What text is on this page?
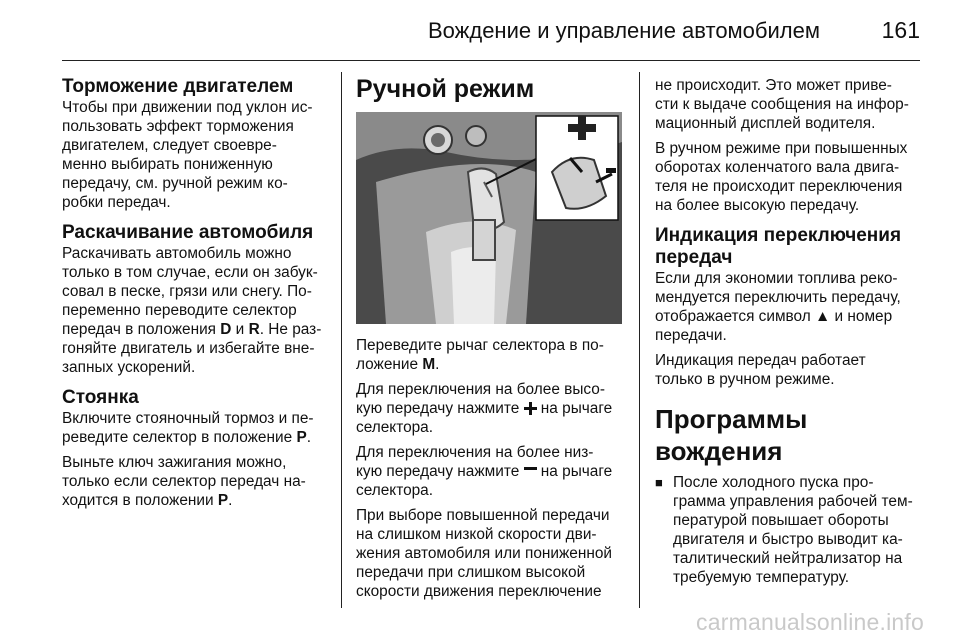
Вождение и управление автомобилем	161
Торможение двигателем

Чтобы при движении под уклон ис-
пользовать эффект торможения
двигателем, следует своевре-
менно выбирать пониженную
передачу, см. ручной режим ко-
робки передач.

Раскачивание автомобиля

Раскачивать автомобиль можно
только в том случае, если он забук-
совал в песке, грязи или снегу. По-
переменно переводите селектор
передач в положения D и R. Не раз-
гоняйте двигатель и избегайте вне-
запных ускорений.

Стоянка

Включите стояночный тормоз и пе-
реведите селектор в положение P.

Выньте ключ зажигания можно,
только если селектор передач на-
ходится в положении P.

Ручной режим

Переведите рычаг селектора в по-
ложение M.

Для переключения на более высо-
кую передачу нажмите  на рычаге
селектора.

Для переключения на более низ-
кую передачу нажмите  на рычаге
селектора.

При выборе повышенной передачи
на слишком низкой скорости дви-
жения автомобиля или пониженной
передачи при слишком высокой
скорости движения переключение

не происходит. Это может приве-
сти к выдаче сообщения на инфор-
мационный дисплей водителя.

В ручном режиме при повышенных
оборотах коленчатого вала двига-
теля не происходит переключения
на более высокую передачу.

Индикация переключения
передач

Если для экономии топлива реко-
мендуется переключить передачу,
отображается символ ▲ и номер
передачи.

Индикация передач работает
только в ручном режиме.

Программы вождения
■ После холодного пуска про-
грамма управления рабочей тем-
пературой повышает обороты
двигателя и быстро выводит ка-
талитический нейтрализатор на
требуемую температуру.
carmanualsonline.info
